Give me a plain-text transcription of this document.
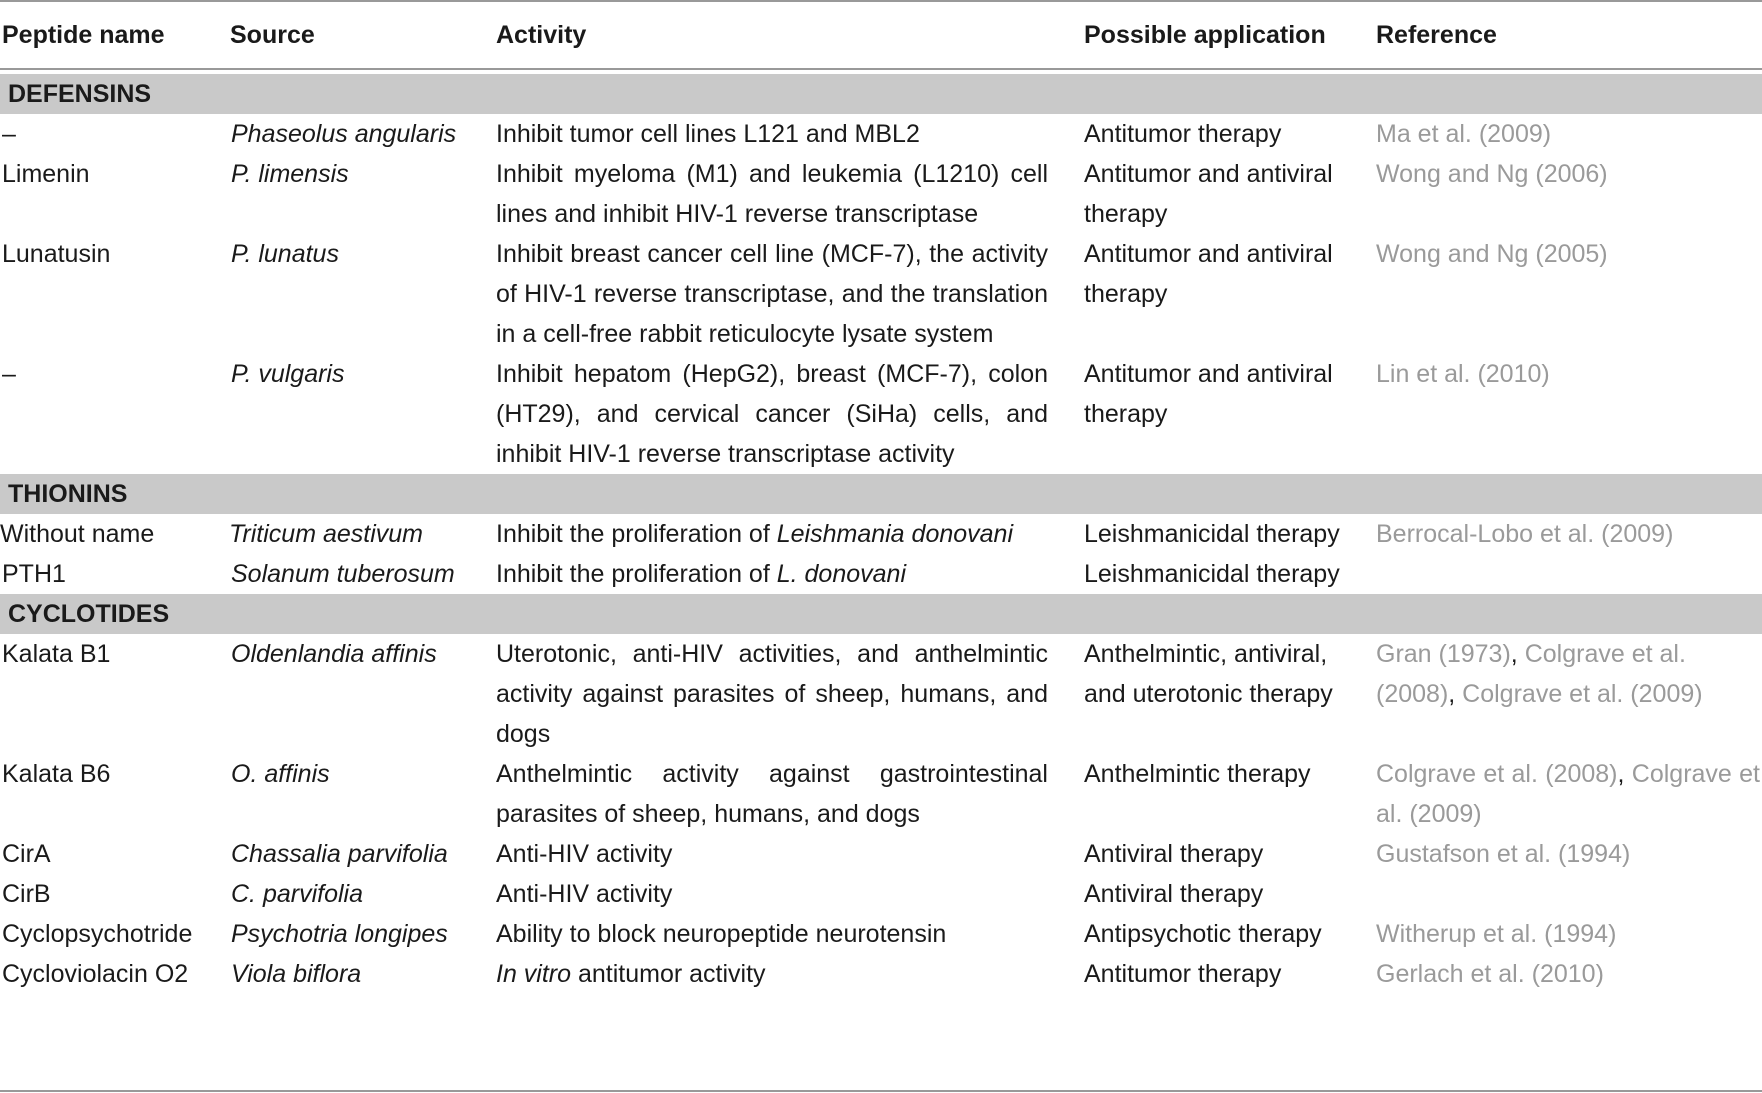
Peptide name	Source	Activity	Possible application	Reference

DEFENSINS				
–	Phaseolus angularis	Inhibit tumor cell lines L121 and MBL2	Antitumor therapy	Ma et al. (2009)
Limenin	P. limensis	Inhibit myeloma (M1) and leukemia (L1210) cell lines and inhibit HIV-1 reverse transcriptase	Antitumor and antiviral therapy	Wong and Ng (2006)
Lunatusin	P. lunatus	Inhibit breast cancer cell line (MCF-7), the activity of HIV-1 reverse transcriptase, and the translation in a cell-free rabbit reticulocyte lysate system	Antitumor and antiviral therapy	Wong and Ng (2005)
–	P. vulgaris	Inhibit hepatom (HepG2), breast (MCF-7), colon (HT29), and cervical cancer (SiHa) cells, and inhibit HIV-1 reverse transcriptase activity	Antitumor and antiviral therapy	Lin et al. (2010)
THIONINS				
Without name	Triticum aestivum	Inhibit the proliferation of Leishmania donovani	Leishmanicidal therapy	Berrocal-Lobo et al. (2009)
PTH1	Solanum tuberosum	Inhibit the proliferation of L. donovani	Leishmanicidal therapy	
CYCLOTIDES				
Kalata B1	Oldenlandia affinis	Uterotonic, anti-HIV activities, and anthelmintic activity against parasites of sheep, humans, and dogs	Anthelmintic, antiviral, and uterotonic therapy	Gran (1973), Colgrave et al. (2008), Colgrave et al. (2009)
Kalata B6	O. affinis	Anthelmintic activity against gastrointestinal parasites of sheep, humans, and dogs	Anthelmintic therapy	Colgrave et al. (2008), Colgrave et al. (2009)
CirA	Chassalia parvifolia	Anti-HIV activity	Antiviral therapy	Gustafson et al. (1994)
CirB	C. parvifolia	Anti-HIV activity	Antiviral therapy	
Cyclopsychotride	Psychotria longipes	Ability to block neuropeptide neurotensin	Antipsychotic therapy	Witherup et al. (1994)
Cycloviolacin O2	Viola biflora	In vitro antitumor activity	Antitumor therapy	Gerlach et al. (2010)
